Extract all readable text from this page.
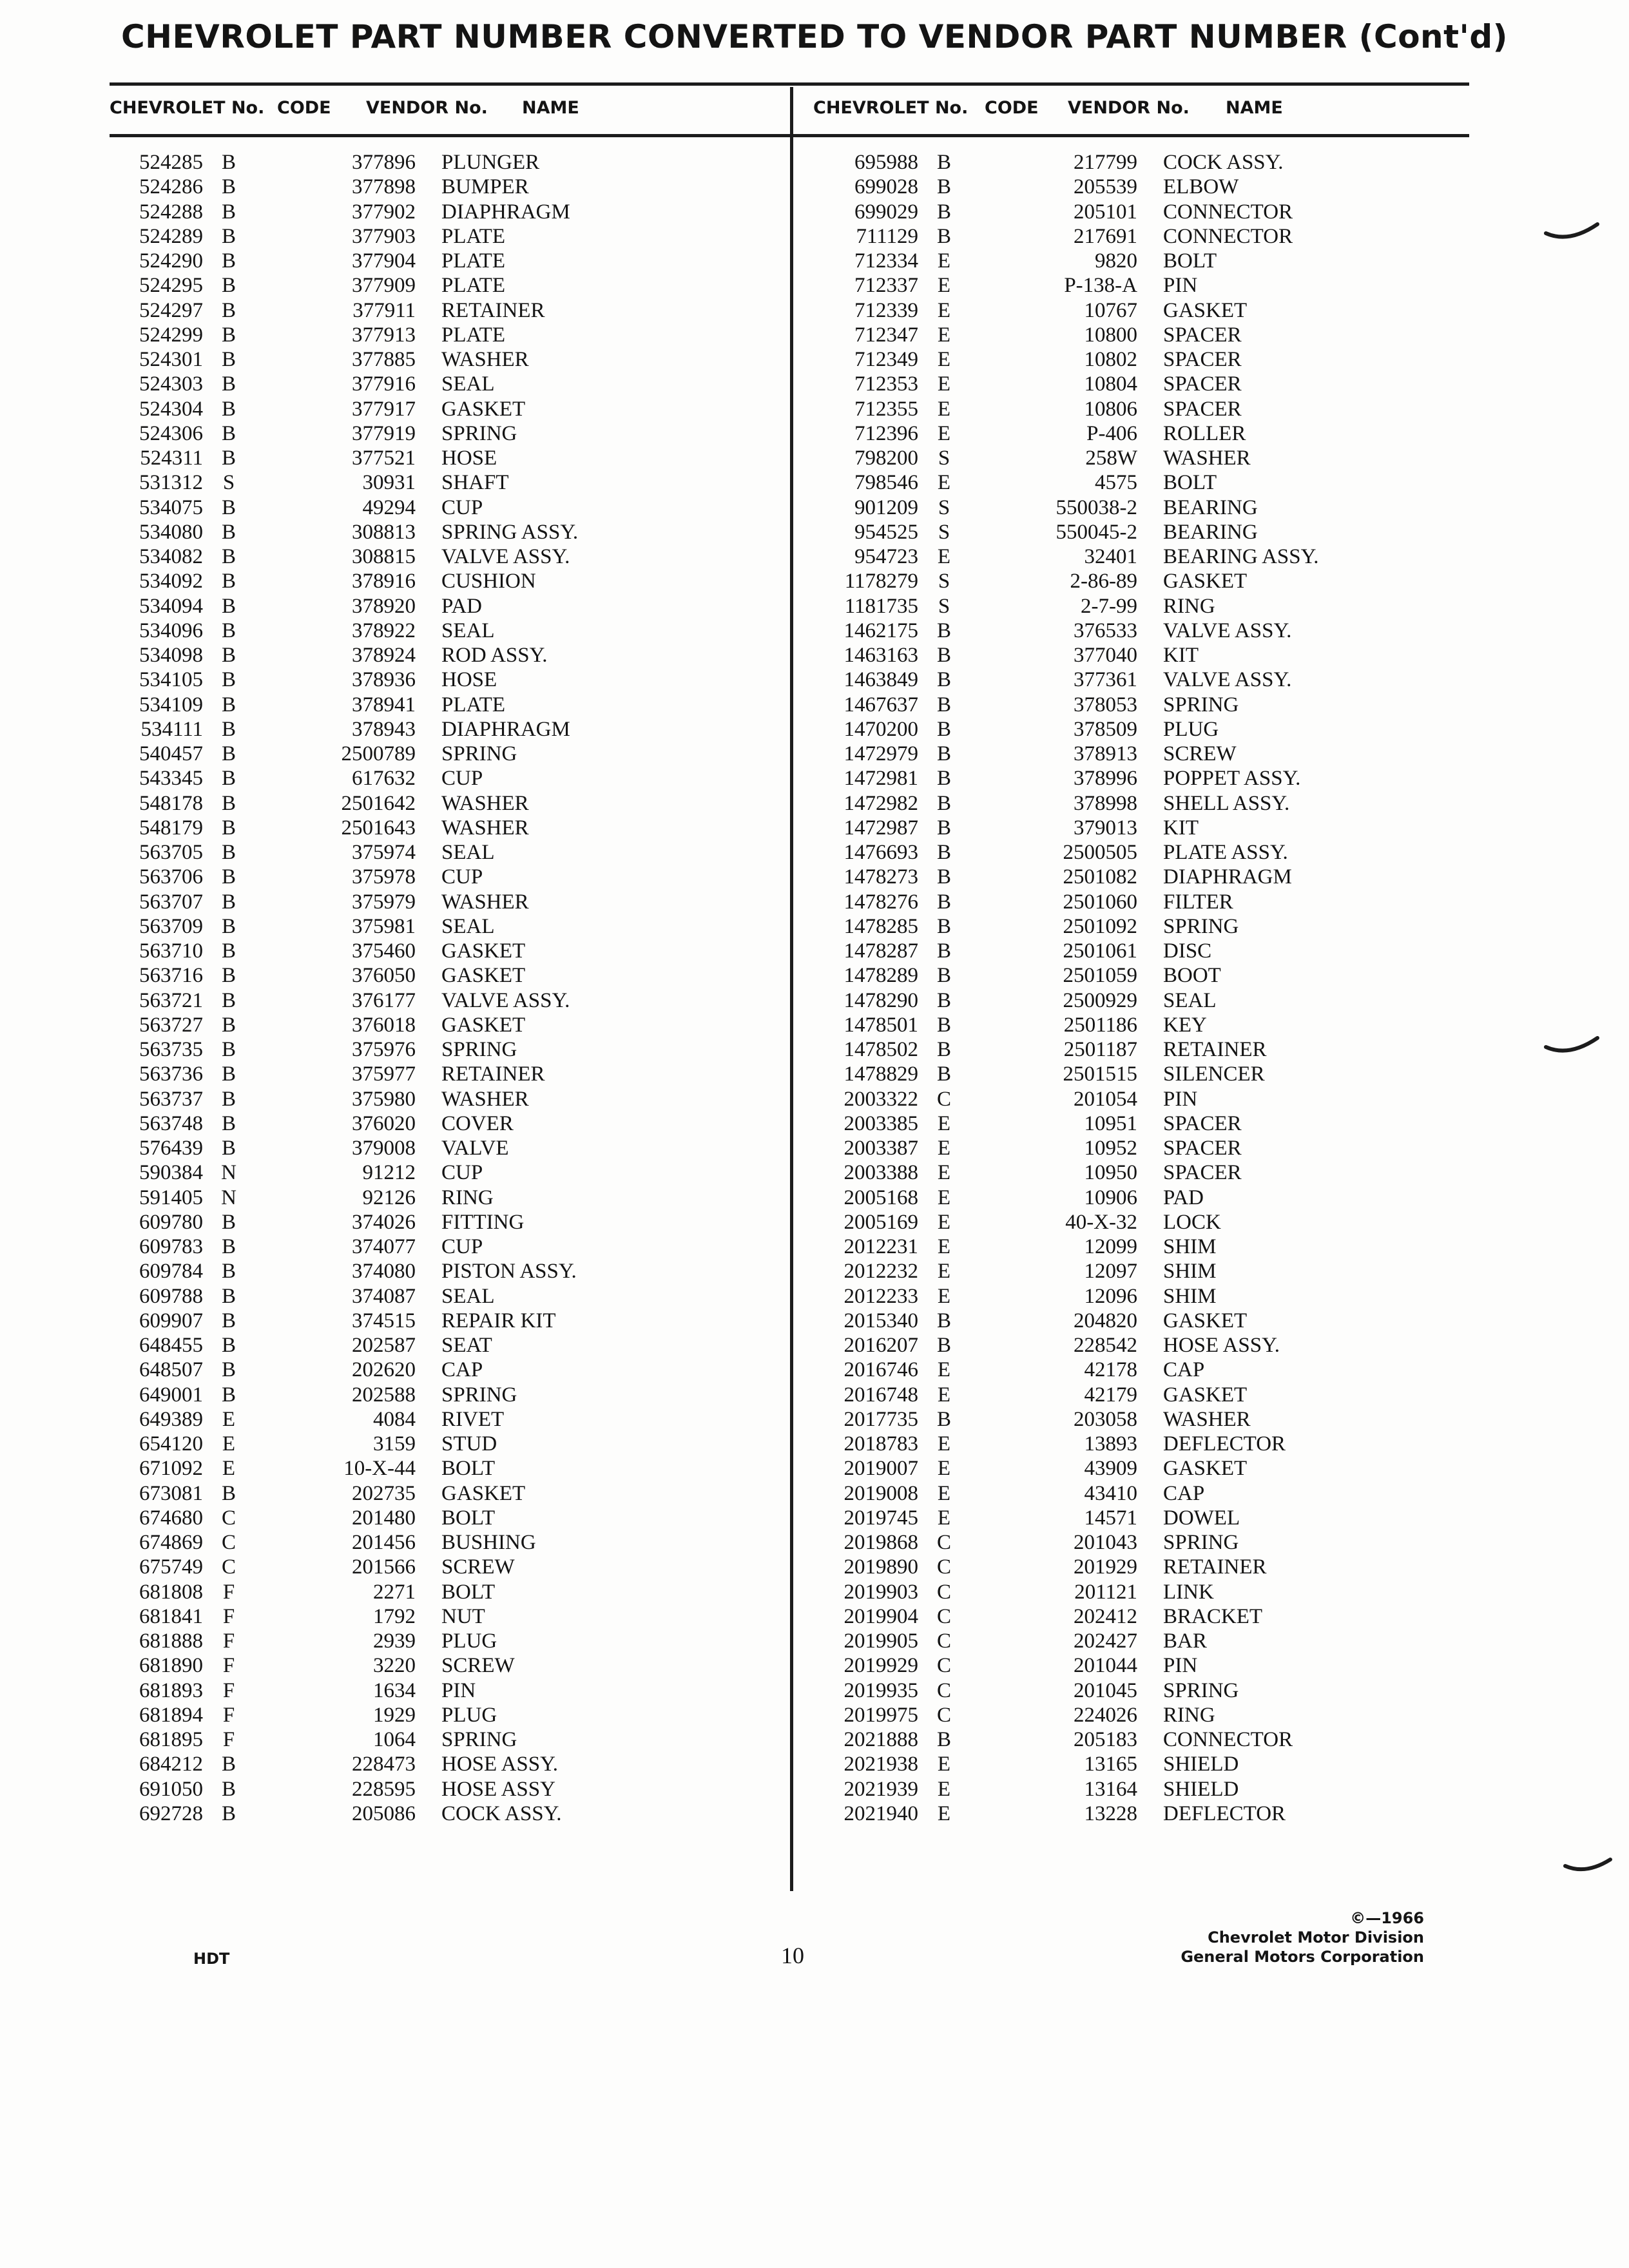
CHEVROLET PART NUMBER CONVERTED TO VENDOR PART NUMBER (Cont'd)
CHEVROLET No. CODE VENDOR No. NAME	CHEVROLET No. CODE VENDOR No. NAME
524285 B	377896 PLUNGER
524286 B	377898 BUMPER
524288 B	377902 DIAPHRAGM
524289 B	377903 PLATE
524290 B	377904 PLATE
524295 B	377909 PLATE
524297 B	377911 RETAINER
524299 B	377913 PLATE
524301 B	377885 WASHER
524303 B	377916 SEAL
524304 B	377917 GASKET
524306 B	377919 SPRING
524311 B	377521 HOSE
531312 S	30931 SHAFT
534075 B	49294 CUP
534080 B	308813 SPRING ASSY.
534082 B	308815 VALVE ASSY.
534092 B	378916 CUSHION
534094 B	378920 PAD
534096 B	378922 SEAL
534098 B	378924 ROD ASSY.
534105 B	378936 HOSE
534109 B	378941 PLATE
534111 B	378943 DIAPHRAGM
540457 B	2500789 SPRING
543345 B	617632 CUP
548178 B	2501642 WASHER
548179 B	2501643 WASHER
563705 B	375974 SEAL
563706 B	375978 CUP
563707 B	375979 WASHER
563709 B	375981 SEAL
563710 B	375460 GASKET
563716 B	376050 GASKET
563721 B	376177 VALVE ASSY.
563727 B	376018 GASKET
563735 B	375976 SPRING
563736 B	375977 RETAINER
563737 B	375980 WASHER
563748 B	376020 COVER
576439 B	379008 VALVE
590384 N	91212 CUP
591405 N	92126 RING
609780 B	374026 FITTING
609783 B	374077 CUP
609784 B	374080 PISTON ASSY.
609788 B	374087 SEAL
609907 B	374515 REPAIR KIT
648455 B	202587 SEAT
648507 B	202620 CAP
649001 B	202588 SPRING
649389 E	4084 RIVET
654120 E	3159 STUD
671092 E	10-X-44 BOLT
673081 B	202735 GASKET
674680 C	201480 BOLT
674869 C	201456 BUSHING
675749 C	201566 SCREW
681808 F	2271 BOLT
681841 F	1792 NUT
681888 F	2939 PLUG
681890 F	3220 SCREW
681893 F	1634 PIN
681894 F	1929 PLUG
681895 F	1064 SPRING
684212 B	228473 HOSE ASSY.
691050 B	228595 HOSE ASSY
692728 B	205086 COCK ASSY.
695988 B	217799 COCK ASSY.
699028 B	205539 ELBOW
699029 B	205101 CONNECTOR
711129 B	217691 CONNECTOR
712334 E	9820 BOLT
712337 E	P-138-A PIN
712339 E	10767 GASKET
712347 E	10800 SPACER
712349 E	10802 SPACER
712353 E	10804 SPACER
712355 E	10806 SPACER
712396 E	P-406 ROLLER
798200 S	258W WASHER
798546 E	4575 BOLT
901209 S	550038-2 BEARING
954525 S	550045-2 BEARING
954723 E	32401 BEARING ASSY.
1178279 S	2-86-89 GASKET
1181735 S	2-7-99 RING
1462175 B	376533 VALVE ASSY.
1463163 B	377040 KIT
1463849 B	377361 VALVE ASSY.
1467637 B	378053 SPRING
1470200 B	378509 PLUG
1472979 B	378913 SCREW
1472981 B	378996 POPPET ASSY.
1472982 B	378998 SHELL ASSY.
1472987 B	379013 KIT
1476693 B	2500505 PLATE ASSY.
1478273 B	2501082 DIAPHRAGM
1478276 B	2501060 FILTER
1478285 B	2501092 SPRING
1478287 B	2501061 DISC
1478289 B	2501059 BOOT
1478290 B	2500929 SEAL
1478501 B	2501186 KEY
1478502 B	2501187 RETAINER
1478829 B	2501515 SILENCER
2003322 C	201054 PIN
2003385 E	10951 SPACER
2003387 E	10952 SPACER
2003388 E	10950 SPACER
2005168 E	10906 PAD
2005169 E	40-X-32 LOCK
2012231 E	12099 SHIM
2012232 E	12097 SHIM
2012233 E	12096 SHIM
2015340 B	204820 GASKET
2016207 B	228542 HOSE ASSY.
2016746 E	42178 CAP
2016748 E	42179 GASKET
2017735 B	203058 WASHER
2018783 E	13893 DEFLECTOR
2019007 E	43909 GASKET
2019008 E	43410 CAP
2019745 E	14571 DOWEL
2019868 C	201043 SPRING
2019890 C	201929 RETAINER
2019903 C	201121 LINK
2019904 C	202412 BRACKET
2019905 C	202427 BAR
2019929 C	201044 PIN
2019935 C	201045 SPRING
2019975 C	224026 RING
2021888 B	205183 CONNECTOR
2021938 E	13165 SHIELD
2021939 E	13164 SHIELD
2021940 E	13228 DEFLECTOR
HDT	10
©—1966
Chevrolet Motor Division
General Motors Corporation
